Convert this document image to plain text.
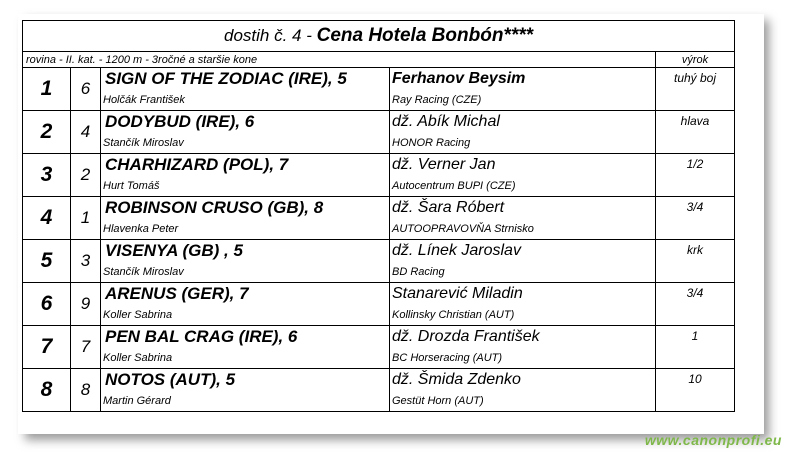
dostih č. 4 - Cena Hotela Bonbón****				
rovina - II. kat. - 1200 m - 3ročné a staršie kone				výrok
1	6	SIGN OF THE ZODIAC (IRE), 5	Ferhanov Beysim	tuhý boj
		Holčák František	Ray Racing (CZE)	
2	4	DODYBUD (IRE), 6	dž. Abík Michal	hlava
		Stančík Miroslav	HONOR Racing	
3	2	CHARHIZARD (POL), 7	dž. Verner Jan	1/2
		Hurt Tomáš	Autocentrum BUPI (CZE)	
4	1	ROBINSON CRUSO (GB), 8	dž. Šara Róbert	3/4
		Hlavenka Peter	AUTOOPRAVOVŇA Strnisko	
5	3	VISENYA (GB) , 5	dž. Línek Jaroslav	krk
		Stančík Miroslav	BD Racing	
6	9	ARENUS (GER), 7	Stanarević Miladin	3/4
		Koller Sabrina	Kollinsky Christian (AUT)	
7	7	PEN BAL CRAG (IRE), 6	dž. Drozda František	1
		Koller Sabrina	BC Horseracing (AUT)	
8	8	NOTOS (AUT), 5	dž. Šmida Zdenko	10
		Martin Gérard	Gestüt Horn (AUT)	
www.canonprofi.eu
